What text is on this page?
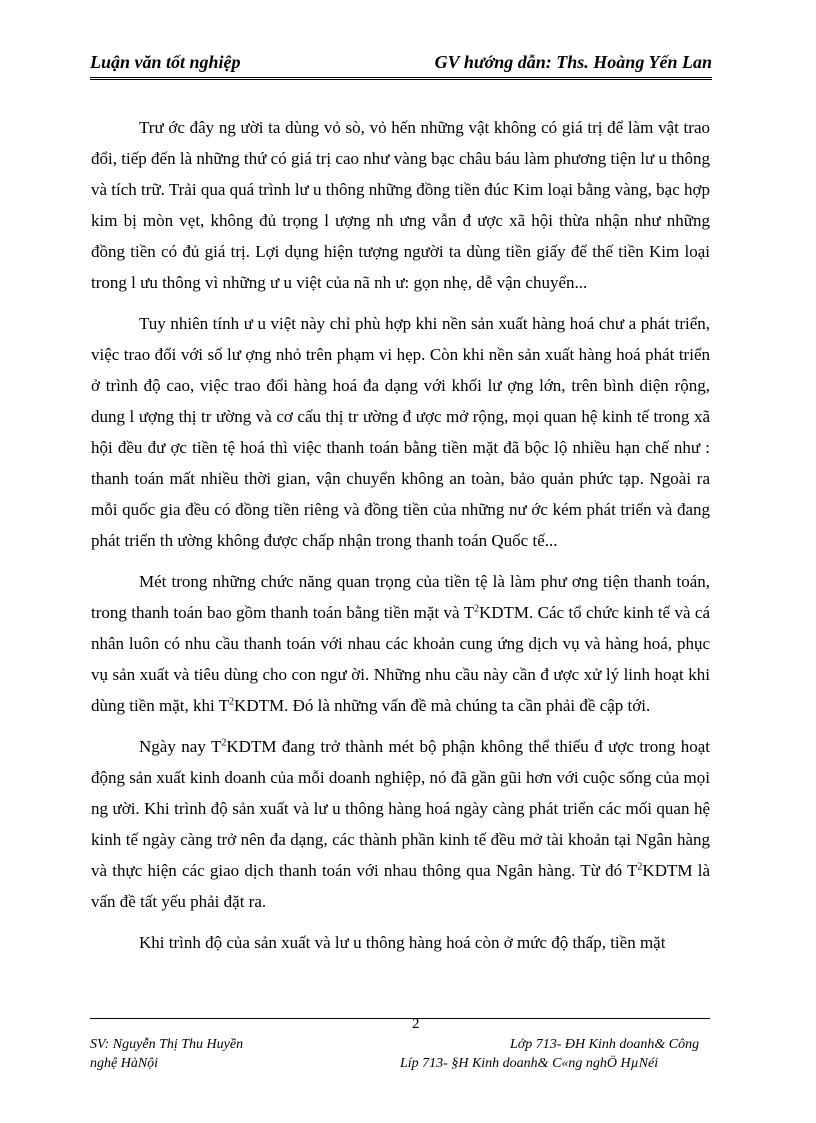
Luận văn tốt nghiệp	GV hướng dẫn: Ths. Hoàng Yến Lan

Trư ớc đây ng ười ta dùng vỏ sò, vỏ hến những vật không có giá trị để làm vật trao đổi, tiếp đến là những thứ có giá trị cao như vàng bạc châu báu làm phương tiện lư u thông và tích trữ. Trải qua quá trình lư u thông những đồng tiền đúc Kim loại bằng vàng, bạc hợp kim bị mòn vẹt, không đủ trọng l ượng nh ưng vẫn đ ược xã hội thừa nhận như những đồng tiền có đủ giá trị. Lợi dụng hiện tượng người ta dùng tiền giấy để thế tiền Kim loại trong l ưu thông vì những ư u việt của nã nh ư: gọn nhẹ, dễ vận chuyển...

Tuy nhiên tính ư u việt này chỉ phù hợp khi nền sản xuất hàng hoá chư a phát triển, việc trao đổi với số lư ợng nhỏ trên phạm vi hẹp. Còn khi nền sản xuất hàng hoá phát triển ở trình độ cao, việc trao đổi hàng hoá đa dạng với khối lư ợng lớn, trên bình diện rộng, dung l ượng thị tr ường và cơ cấu thị tr ường đ ược mở rộng, mọi quan hệ kinh tế trong xã hội đều đư ợc tiền tệ hoá thì việc thanh toán bằng tiền mặt đã bộc lộ nhiều hạn chế như : thanh toán mất nhiều thời gian, vận chuyển không an toàn, bảo quản phức tạp. Ngoài ra mỗi quốc gia đều có đồng tiền riêng và đồng tiền của những nư ớc kém phát triển và đang phát triển th ường không được chấp nhận trong thanh toán Quốc tế...

Mét trong những chức năng quan trọng của tiền tệ là làm phư ơng tiện thanh toán, trong thanh toán bao gồm thanh toán bằng tiền mặt và $T^2KDTM$. Các tổ chức kinh tế và cá nhân luôn có nhu cầu thanh toán với nhau các khoản cung ứng dịch vụ và hàng hoá, phục vụ sản xuất và tiêu dùng cho con ngư ời. Những nhu cầu này cần đ ược xử lý linh hoạt khi dùng tiền mặt, khi $T^2KDTM$. Đó là những vấn đề mà chúng ta cần phải đề cập tới.

Ngày nay $T^2KDTM$ đang trở thành mét bộ phận không thể thiếu đ ược trong hoạt động sản xuất kinh doanh của mỗi doanh nghiệp, nó đã gần gũi hơn với cuộc sống của mọi ng ười. Khi trình độ sản xuất và lư u thông hàng hoá ngày càng phát triển các mối quan hệ kinh tế ngày càng trở nên đa dạng, các thành phần kinh tế đều mở tài khoản tại Ngân hàng và thực hiện các giao dịch thanh toán với nhau thông qua Ngân hàng. Từ đó $T^2KDTM$ là vấn đề tất yếu phải đặt ra.

Khi trình độ của sản xuất và lư u thông hàng hoá còn ở mức độ thấp, tiền mặt

2
SV: Nguyễn Thị Thu Huyền	Lớp 713- ĐH Kinh doanh& Công
nghệ HàNội	Líp 713- §H Kinh doanh& C«ng nghÖ HµNéi
